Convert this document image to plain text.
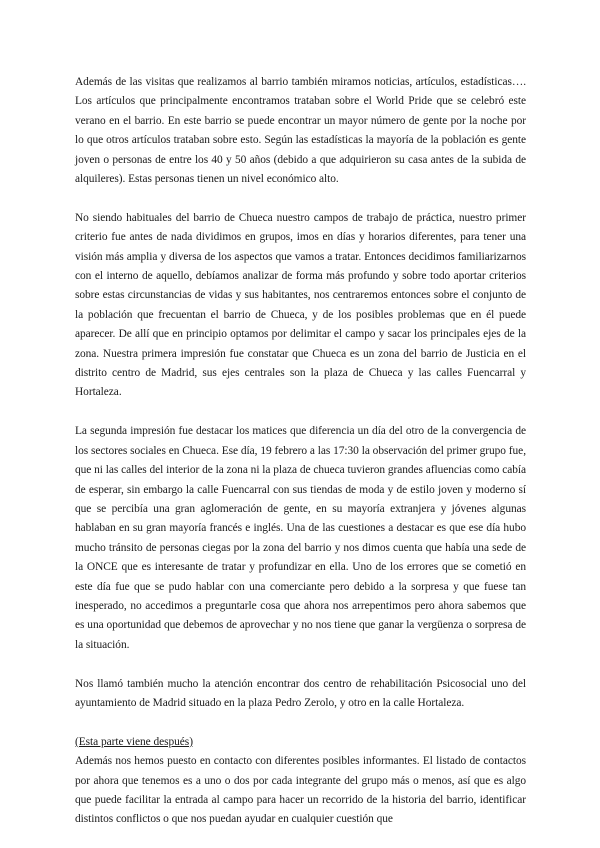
Además de las visitas que realizamos al barrio también miramos noticias, artículos, estadísticas…. Los artículos que principalmente encontramos trataban sobre el World Pride que se celebró este verano en el barrio. En este barrio se puede encontrar un mayor número de gente por la noche por lo que otros artículos trataban sobre esto. Según las estadísticas la mayoría de la población es gente joven o personas de entre los 40 y 50 años (debido a que adquirieron su casa antes de la subida de alquileres). Estas personas tienen un nivel económico alto.

No siendo habituales del barrio de Chueca nuestro campos de trabajo de práctica, nuestro primer criterio fue antes de nada dividimos en grupos, imos en días y horarios diferentes, para tener una visión más amplia y diversa de los aspectos que vamos a tratar. Entonces decidimos familiarizarnos con el interno de aquello, debíamos analizar de forma más profundo y sobre todo aportar criterios sobre estas circunstancias de vidas y sus habitantes, nos centraremos entonces sobre el conjunto de la población que frecuentan el barrio de Chueca, y de los posibles problemas que en él puede aparecer. De allí que en principio optamos por delimitar el campo y sacar los principales ejes de la zona. Nuestra primera impresión fue constatar que Chueca es un zona del barrio de Justicia en el distrito centro de Madrid, sus ejes centrales son la plaza de Chueca y las calles Fuencarral y Hortaleza.

La segunda impresión fue destacar los matices que diferencia un día del otro de la convergencia de los sectores sociales en Chueca. Ese día, 19 febrero a las 17:30 la observación del primer grupo fue, que ni las calles del interior de la zona ni la plaza de chueca tuvieron grandes afluencias como cabía de esperar, sin embargo la calle Fuencarral con sus tiendas de moda y de estilo joven y moderno sí que se percibía una gran aglomeración de gente, en su mayoría extranjera y jóvenes algunas hablaban en su gran mayoría francés e inglés. Una de las cuestiones a destacar es que ese día hubo mucho tránsito de personas ciegas por la zona del barrio y nos dimos cuenta que había una sede de la ONCE que es interesante de tratar y profundizar en ella. Uno de los errores que se cometió en este día fue que se pudo hablar con una comerciante pero debido a la sorpresa y que fuese tan inesperado, no accedimos a preguntarle cosa que ahora nos arrepentimos pero ahora sabemos que es una oportunidad que debemos de aprovechar y no nos tiene que ganar la vergüenza o sorpresa de la situación.

Nos llamó también mucho la atención encontrar dos centro de rehabilitación Psicosocial uno del ayuntamiento de Madrid situado en la plaza Pedro Zerolo, y otro en la calle Hortaleza.

(Esta parte viene después)

Además nos hemos puesto en contacto con diferentes posibles informantes. El listado de contactos por ahora que tenemos es a uno o dos por cada integrante del grupo más o menos, así que es algo que puede facilitar la entrada al campo para hacer un recorrido de la historia del barrio, identificar distintos conflictos o que nos puedan ayudar en cualquier cuestión que
